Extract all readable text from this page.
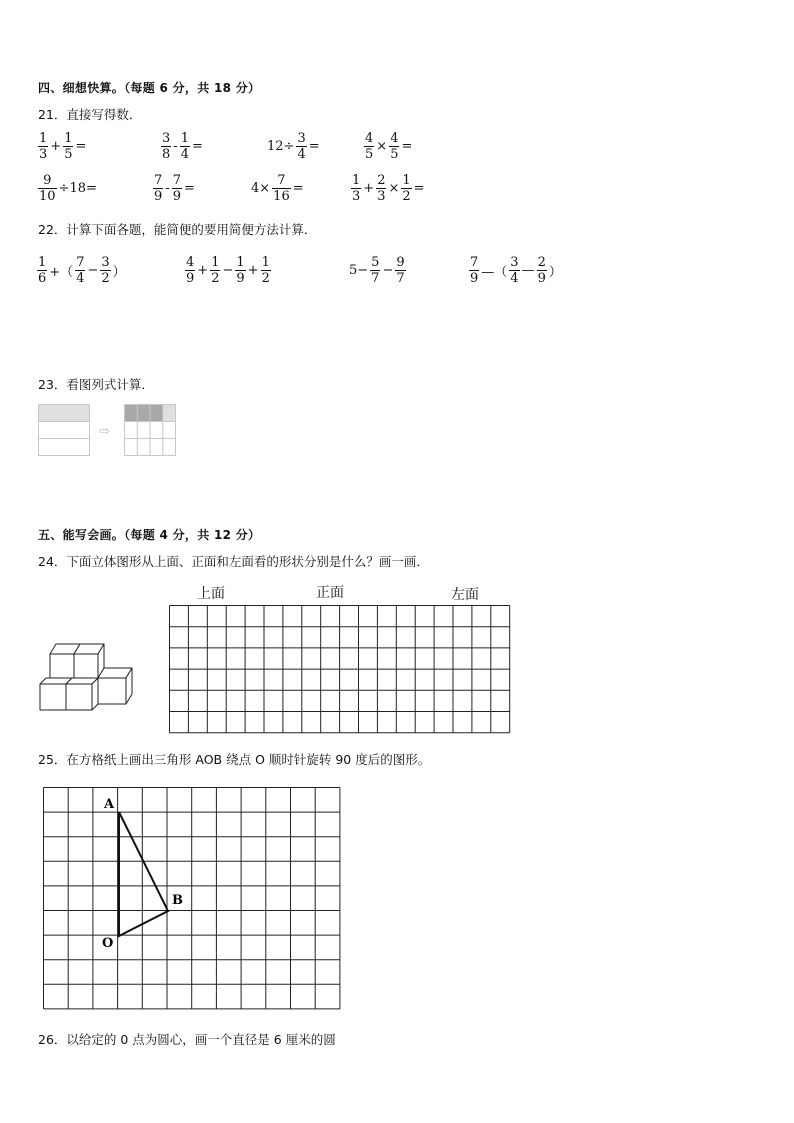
四、细想快算。（每题 6 分，共 18 分）
21．直接写得数．
$\frac{1}{3} + \frac{1}{5}$ =	$\frac{3}{8} - \frac{1}{4}$ =	$12\div \frac{3}{4}$ =	$\frac{4}{5} \times \frac{4}{5}$ =
$\frac{9}{10} \div 18=$	$\frac{7}{9} - \frac{7}{9}$ =	$4\times \frac{7}{16}$ =	$\frac{1}{3} + \frac{2}{3} \times \frac{1}{2}$ =
22．计算下面各题，能简便的要用简便方法计算．
$\frac{1}{6}$ +（ $\frac{7}{4} - \frac{3}{2}$ ）	$\frac{4}{9} + \frac{1}{2} - \frac{1}{9} + \frac{1}{2}$	$5- \frac{5}{7} - \frac{9}{7}$	$\frac{7}{9}$ —（ $\frac{3}{4}$ — $\frac{2}{9}$ ）
23．看图列式计算．
⇨
五、能写会画。（每题 4 分，共 12 分）
24．下面立体图形从上面、正面和左面看的形状分别是什么？画一画．
上面	正面	左面
25．在方格纸上画出三角形 AOB 绕点 O 顺时针旋转 90 度后的图形。
A
B
O
26．以给定的 0 点为圆心，画一个直径是 6 厘米的圆
